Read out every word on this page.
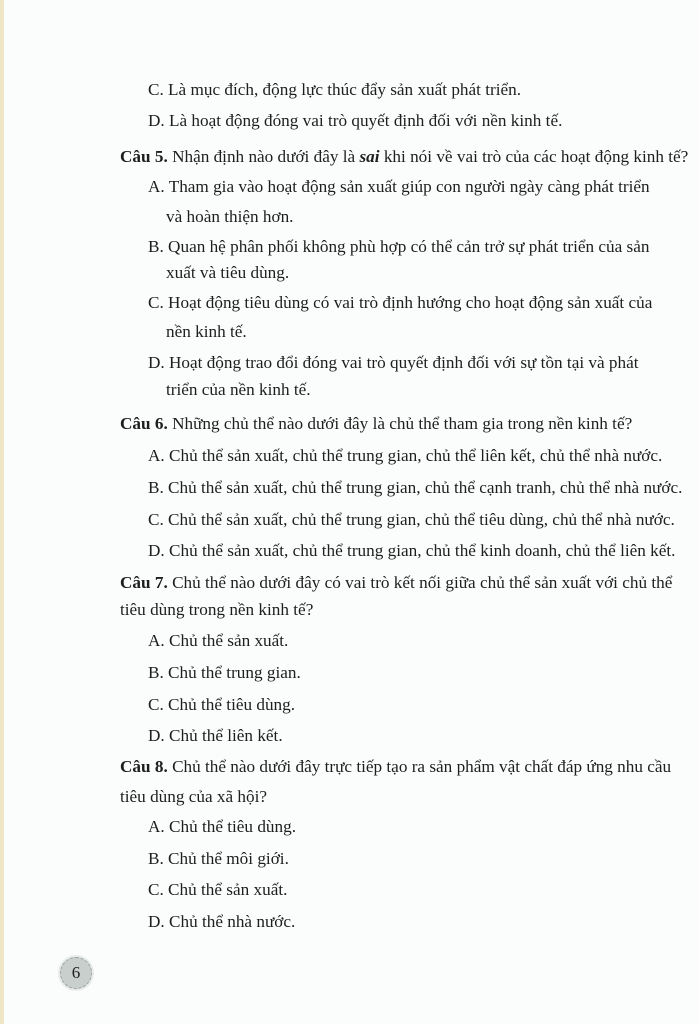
C. Là mục đích, động lực thúc đẩy sản xuất phát triển.
D. Là hoạt động đóng vai trò quyết định đối với nền kinh tế.
Câu 5. Nhận định nào dưới đây là sai khi nói về vai trò của các hoạt động kinh tế?
A. Tham gia vào hoạt động sản xuất giúp con người ngày càng phát triển
và hoàn thiện hơn.
B. Quan hệ phân phối không phù hợp có thể cản trở sự phát triển của sản
xuất và tiêu dùng.
C. Hoạt động tiêu dùng có vai trò định hướng cho hoạt động sản xuất của
nền kinh tế.
D. Hoạt động trao đổi đóng vai trò quyết định đối với sự tồn tại và phát
triển của nền kinh tế.
Câu 6. Những chủ thể nào dưới đây là chủ thể tham gia trong nền kinh tế?
A. Chủ thể sản xuất, chủ thể trung gian, chủ thể liên kết, chủ thể nhà nước.
B. Chủ thể sản xuất, chủ thể trung gian, chủ thể cạnh tranh, chủ thể nhà nước.
C. Chủ thể sản xuất, chủ thể trung gian, chủ thể tiêu dùng, chủ thể nhà nước.
D. Chủ thể sản xuất, chủ thể trung gian, chủ thể kinh doanh, chủ thể liên kết.
Câu 7. Chủ thể nào dưới đây có vai trò kết nối giữa chủ thể sản xuất với chủ thể
tiêu dùng trong nền kinh tế?
A. Chủ thể sản xuất.
B. Chủ thể trung gian.
C. Chủ thể tiêu dùng.
D. Chủ thể liên kết.
Câu 8. Chủ thể nào dưới đây trực tiếp tạo ra sản phẩm vật chất đáp ứng nhu cầu
tiêu dùng của xã hội?
A. Chủ thể tiêu dùng.
B. Chủ thể môi giới.
C. Chủ thể sản xuất.
D. Chủ thể nhà nước.
6
